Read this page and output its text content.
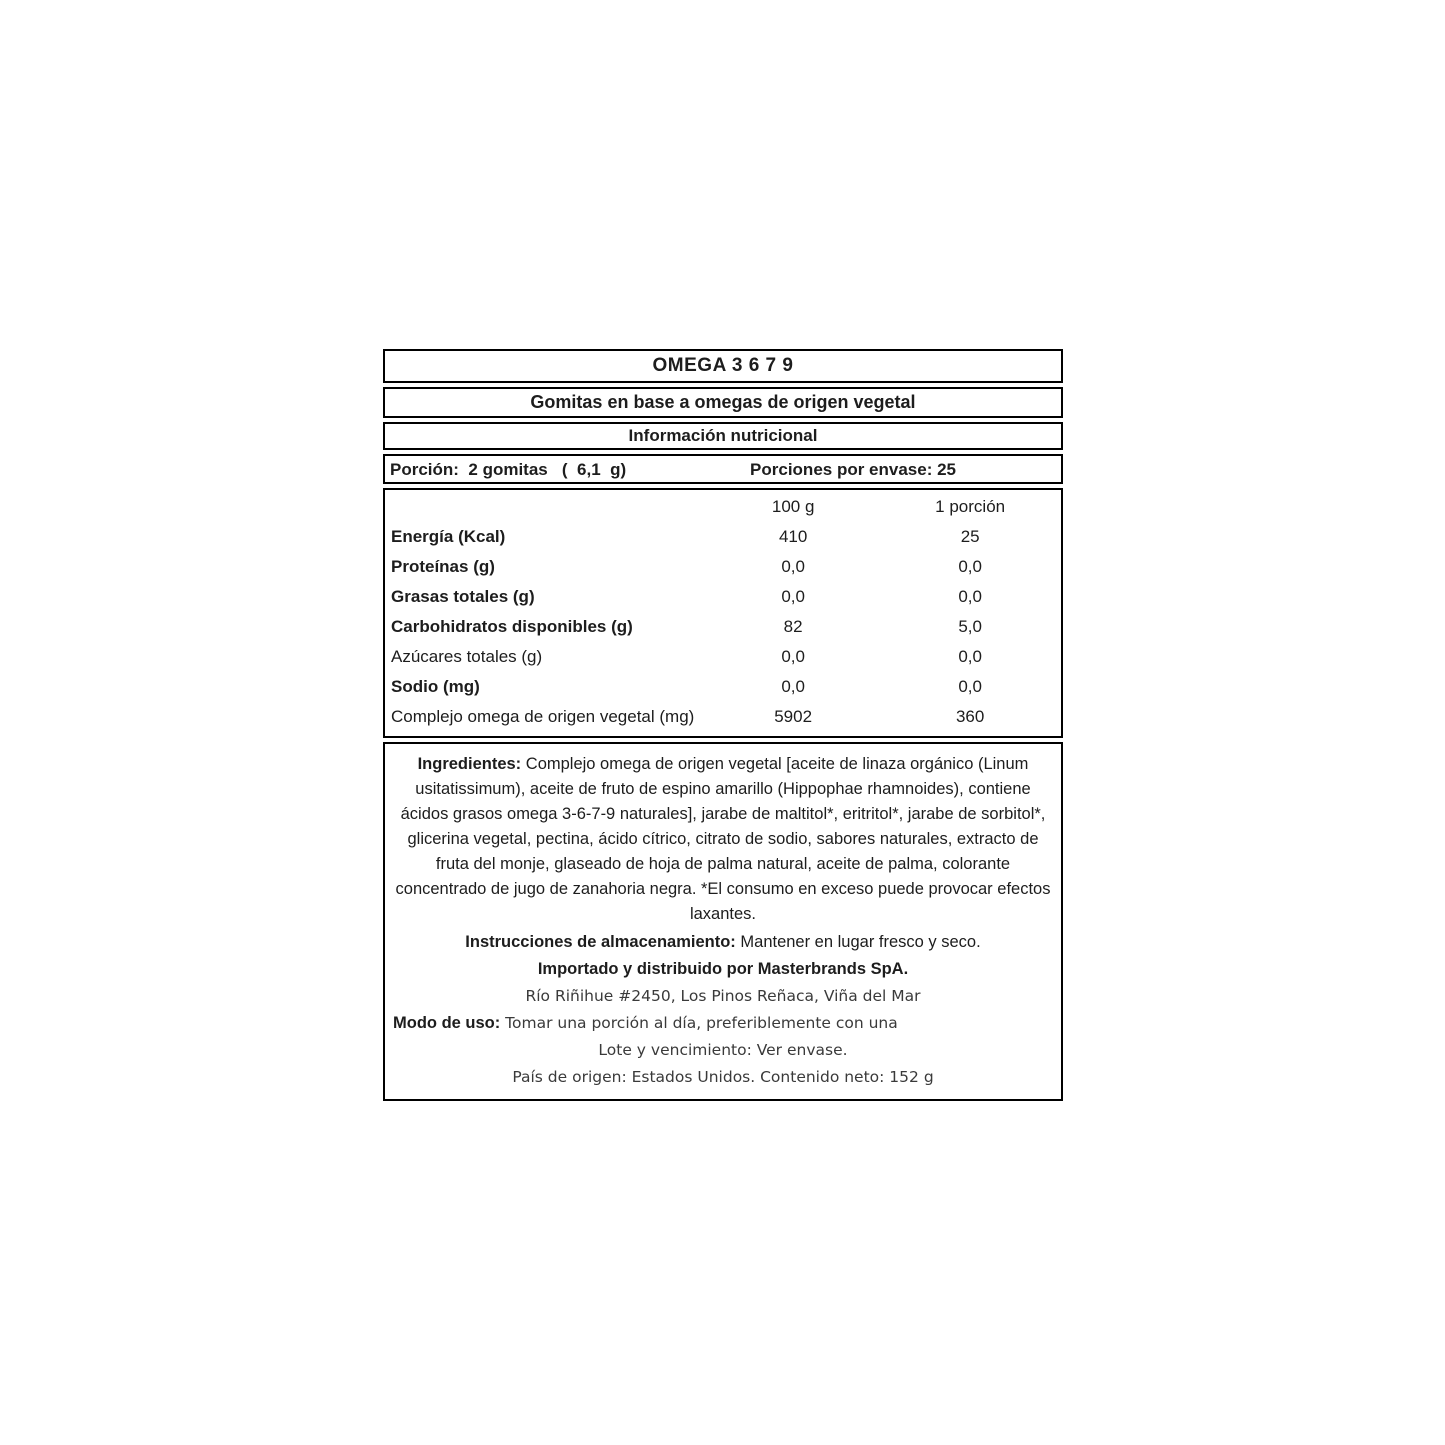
OMEGA 3 6 7 9
Gomitas en base a omegas de origen vegetal
Información nutricional
Porción:  2 gomitas   (  6,1  g)	Porciones por envase: 25
100 g	1 porción
Energía (Kcal)	410	25
Proteínas (g)	0,0	0,0
Grasas totales (g)	0,0	0,0
Carbohidratos disponibles (g)	82	5,0
Azúcares totales (g)	0,0	0,0
Sodio (mg)	0,0	0,0
Complejo omega de origen vegetal (mg)	5902	360
Ingredientes: Complejo omega de origen vegetal [aceite de linaza orgánico (Linum usitatissimum), aceite de fruto de espino amarillo (Hippophae rhamnoides), contiene ácidos grasos omega 3-6-7-9 naturales], jarabe de maltitol*, eritritol*, jarabe de sorbitol*, glicerina vegetal, pectina, ácido cítrico, citrato de sodio, sabores naturales, extracto de fruta del monje, glaseado de hoja de palma natural, aceite de palma, colorante concentrado de jugo de zanahoria negra. *El consumo en exceso puede provocar efectos laxantes.
Instrucciones de almacenamiento: Mantener en lugar fresco y seco.
Importado y distribuido por Masterbrands SpA.
Río Riñihue #2450, Los Pinos Reñaca, Viña del Mar
Modo de uso: Tomar una porción al día, preferiblemente con una
Lote y vencimiento: Ver envase.
País de origen: Estados Unidos. Contenido neto: 152 g
